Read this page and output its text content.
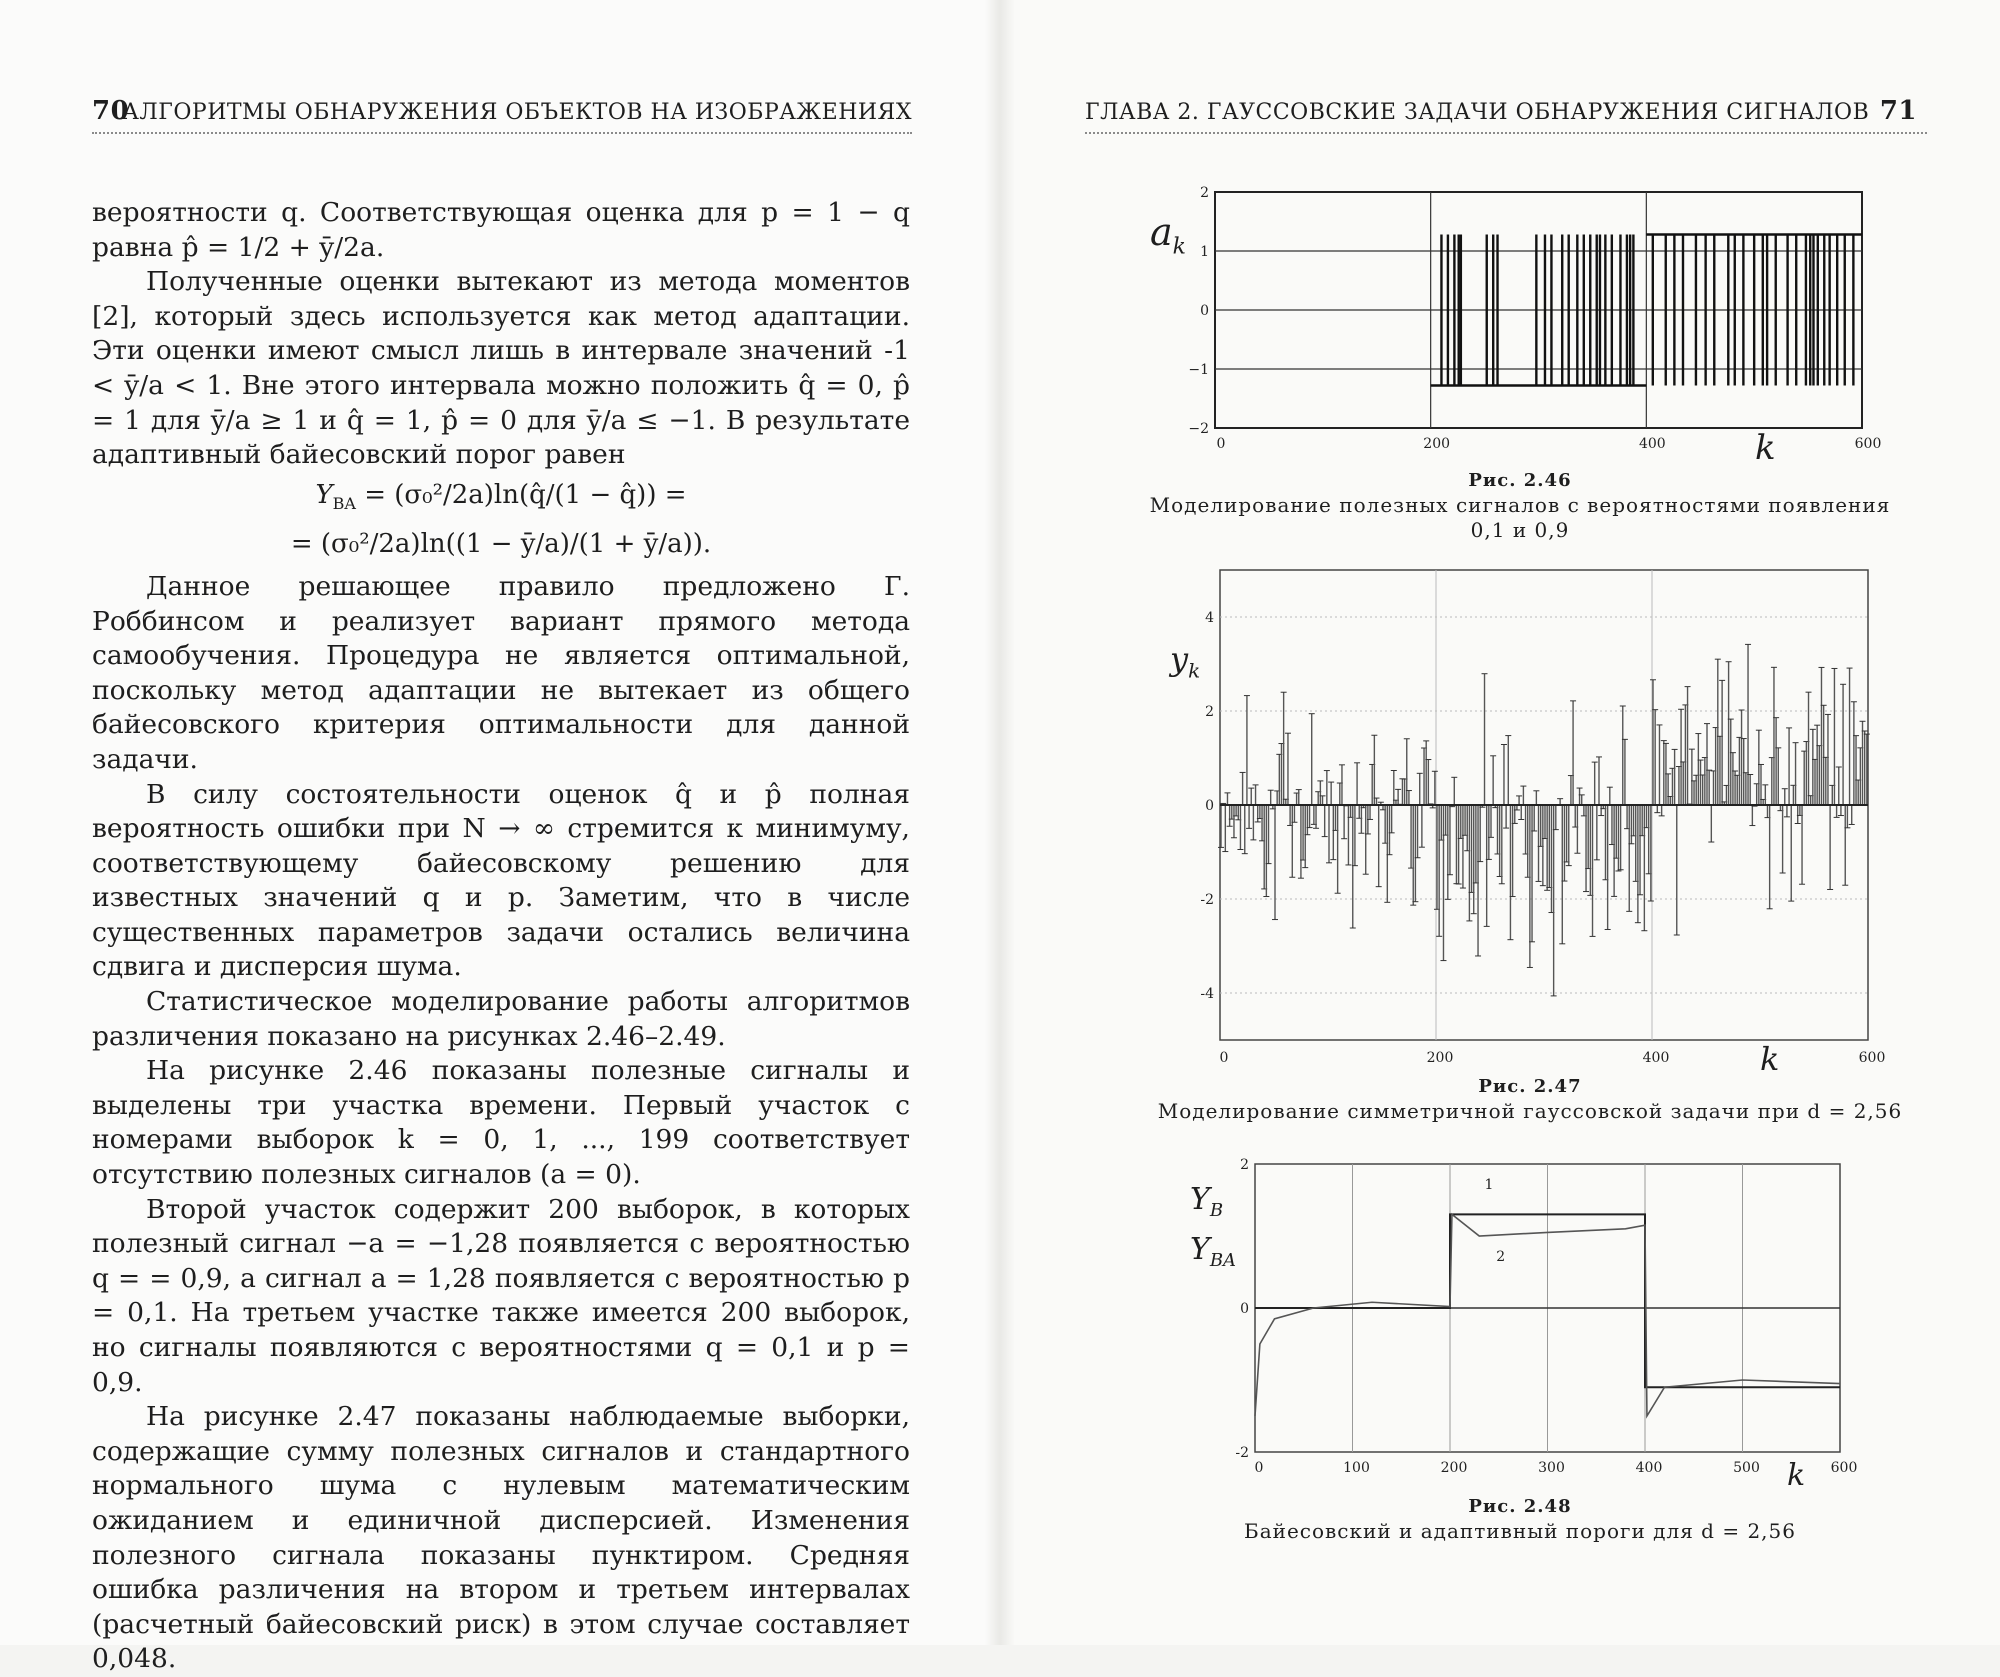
70
АЛГОРИТМЫ ОБНАРУЖЕНИЯ ОБЪЕКТОВ НА ИЗОБРАЖЕНИЯХ	ГЛАВА 2. ГАУССОВСКИЕ ЗАДАЧИ ОБНАРУЖЕНИЯ СИГНАЛОВ 71

вероятности q. Соответствующая оценка для p = 1 − q равна p̂ = 1/2 + ȳ/2a.

Полученные оценки вытекают из метода моментов [2], который здесь используется как метод адаптации. Эти оценки имеют смысл лишь в интервале значений -1 < ȳ/a < 1. Вне этого интервала можно положить q̂ = 0, p̂ = 1 для ȳ/a ≥ 1 и q̂ = 1, p̂ = 0 для ȳ/a ≤ −1. В результате адаптивный байесовский порог равен

$Y_{BA}$ = (σ₀²/2a)ln(q̂/(1 − q̂)) =
= (σ₀²/2a)ln((1 − ȳ/a)/(1 + ȳ/a)).

Данное решающее правило предложено Г. Роббинсом и реализует вариант прямого метода самообучения. Процедура не является оптимальной, поскольку метод адаптации не вытекает из общего байесовского критерия оптимальности для данной задачи.

В силу состоятельности оценок q̂ и p̂ полная вероятность ошибки при N → ∞ стремится к минимуму, соответствующему байесовскому решению для известных значений q и p. Заметим, что в числе существенных параметров задачи остались величина сдвига и дисперсия шума.

Статистическое моделирование работы алгоритмов различения показано на рисунках 2.46–2.49.

На рисунке 2.46 показаны полезные сигналы и выделены три участка времени. Первый участок с номерами выборок k = 0, 1, ..., 199 соответствует отсутствию полезных сигналов (a = 0).

Второй участок содержит 200 выборок, в которых полезный сигнал −a = −1,28 появляется с вероятностью q = = 0,9, а сигнал a = 1,28 появляется с вероятностью p = 0,1. На третьем участке также имеется 200 выборок, но сигналы появляются с вероятностями q = 0,1 и p = 0,9.

На рисунке 2.47 показаны наблюдаемые выборки, содержащие сумму полезных сигналов и стандартного нормального шума с нулевым математическим ожиданием и единичной дисперсией. Изменения полезного сигнала показаны пунктиром. Средняя ошибка различения на втором и третьем интервалах (расчетный байесовский риск) в этом случае составляет 0,048.

2
1
0
−1
−2
0	200	400	600
$a_k$
k
Рис. 2.46
Моделирование полезных сигналов с вероятностями появления
0,1 и 0,9
4
2
0
-2
-4
0	200	400	600
$y_k$
k
Рис. 2.47
Моделирование симметричной гауссовской задачи при d = 2,56
2
0
-2
0	100	200	300	400	500	600
1
2
$Y_B$
$Y_{BA}$
k
Рис. 2.48
Байесовский и адаптивный пороги для d = 2,56
